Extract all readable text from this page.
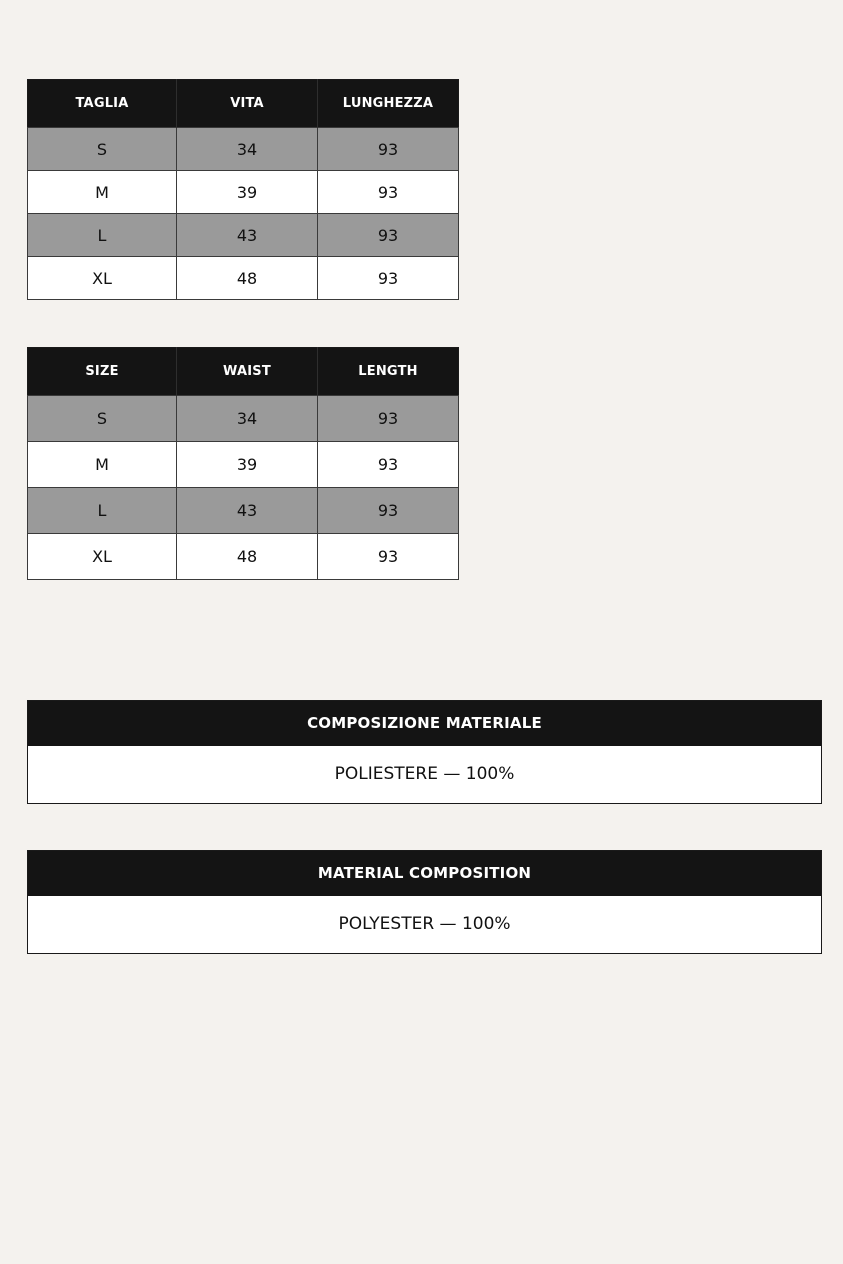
TAGLIA	VITA	LUNGHEZZA
S	34	93
M	39	93
L	43	93
XL	48	93
SIZE	WAIST	LENGTH
S	34	93
M	39	93
L	43	93
XL	48	93
COMPOSIZIONE MATERIALE
POLIESTERE — 100%
MATERIAL COMPOSITION
POLYESTER — 100%
